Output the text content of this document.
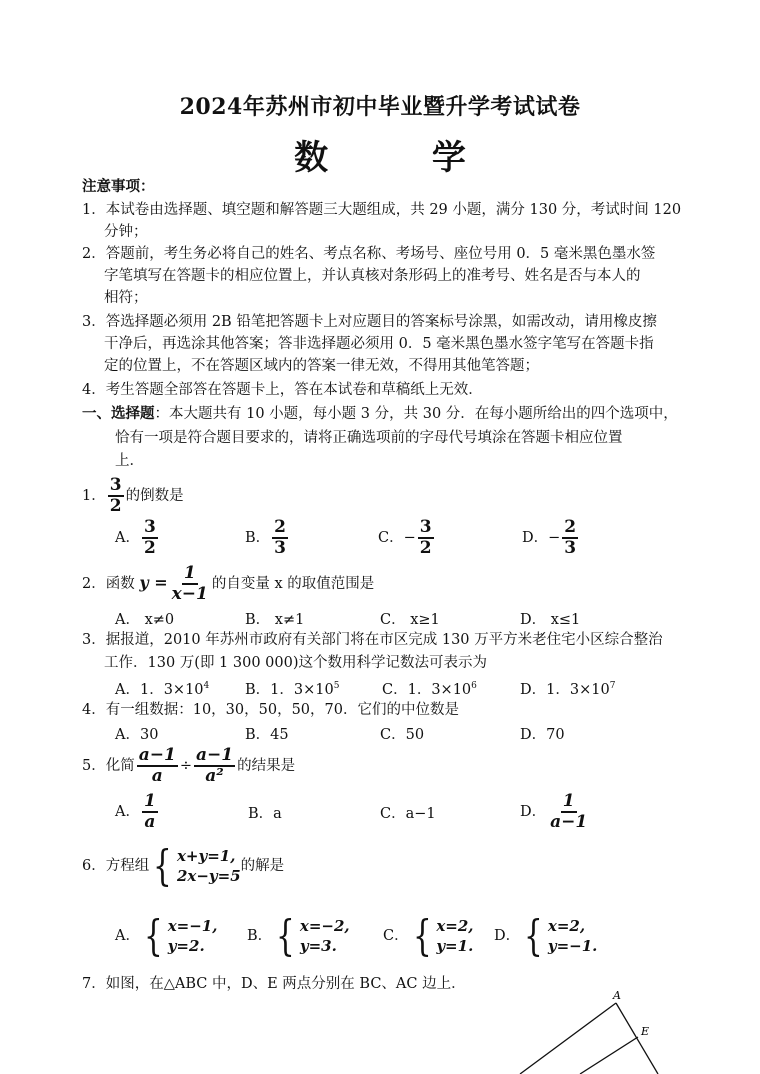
2024年苏州市初中毕业暨升学考试试卷
数 学
注意事项：
1．本试卷由选择题、填空题和解答题三大题组成，共 29 小题，满分 130 分，考试时间 120
分钟；
2．答题前，考生务必将自己的姓名、考点名称、考场号、座位号用 0．5 毫米黑色墨水签
字笔填写在答题卡的相应位置上，并认真核对条形码上的准考号、姓名是否与本人的
相符；
3．答选择题必须用 2B 铅笔把答题卡上对应题目的答案标号涂黑，如需改动，请用橡皮擦
干净后，再选涂其他答案；答非选择题必须用 0．5 毫米黑色墨水签字笔写在答题卡指
定的位置上，不在答题区域内的答案一律无效，不得用其他笔答题；
4．考生答题全部答在答题卡上，答在本试卷和草稿纸上无效．
一、选择题：本大题共有 10 小题，每小题 3 分，共 30 分．在每小题所给出的四个选项中，
恰有一项是符合题目要求的，请将正确选项前的字母代号填涂在答题卡相应位置
上．
1． $\frac{3}{2}$ 的倒数是
A． $\frac{3}{2}$	B． $\frac{2}{3}$	C．− $\frac{3}{2}$	D．− $\frac{2}{3}$
2．函数 $y = \frac{1}{x-1}$ 的自变量 x 的取值范围是
A． x≠0	B． x≠1	C． x≥1	D． x≤1
3．据报道，2010 年苏州市政府有关部门将在市区完成 130 万平方米老住宅小区综合整治
工作．130 万(即 1 300 000)这个数用科学记数法可表示为
A．1．$3\times 10^4$ B．1．$3\times 10^5$	C．1．$3\times 10^6$	D．1．$3\times 10^7$
4．有一组数据：10，30，50，50，70．它们的中位数是
A．30	B．45	C．50	D．70
5．化简 $\frac{a-1}{a} \div \frac{a-1}{\text{a²}}$ 的结果是
A． $\frac{1}{a}$	B．a	C．a−1	D． $\frac{1}{a-1}$
6．方程组 { x+y=1,
2x−y=5
的解是
A． { x=−1,
y=2.
B． { x=−2,
y=3.
C． { x=2,
y=1.
D． { x=2,
y=−1.
7．如图，在△ABC 中，D、E 两点分别在 BC、AC 边上．
A
E
